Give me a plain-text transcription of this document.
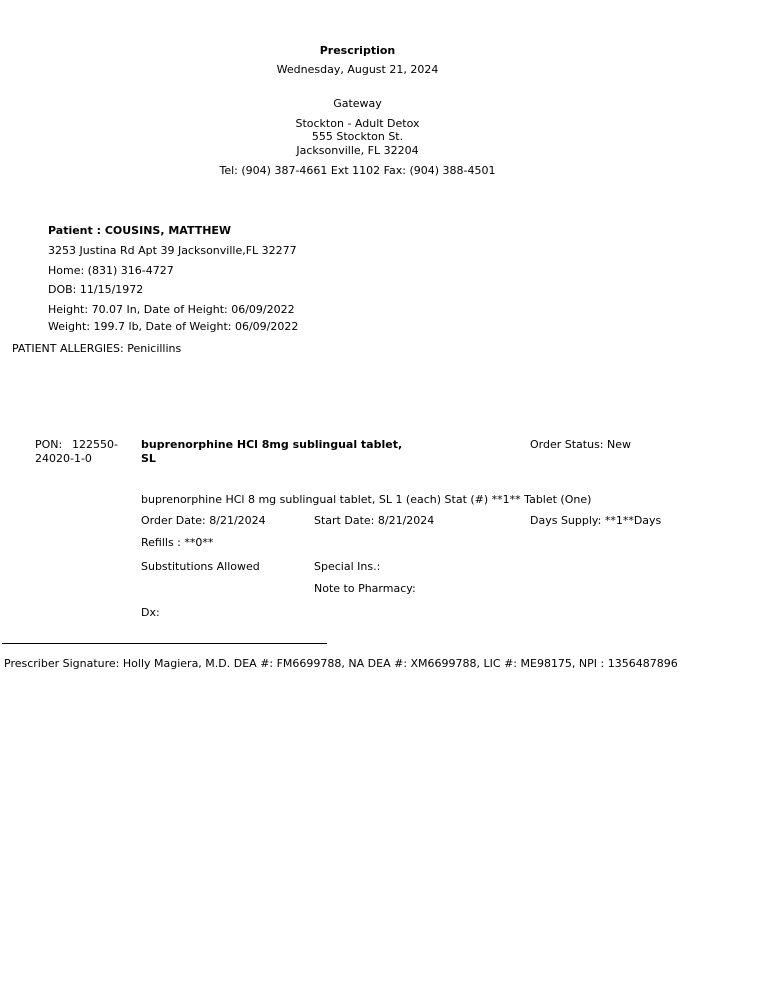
Prescription
Wednesday, August 21, 2024
Gateway
Stockton - Adult Detox
555 Stockton St.
Jacksonville, FL 32204
Tel: (904) 387-4661 Ext 1102 Fax: (904) 388-4501
Patient : COUSINS, MATTHEW
3253 Justina Rd Apt 39 Jacksonville,FL 32277
Home: (831) 316-4727
DOB: 11/15/1972
Height: 70.07 In, Date of Height: 06/09/2022
Weight: 199.7 lb, Date of Weight: 06/09/2022
PATIENT ALLERGIES: Penicillins
PON: 122550-
24020-1-0
buprenorphine HCl 8mg sublingual tablet,
SL
Order Status: New
buprenorphine HCl 8 mg sublingual tablet, SL 1 (each) Stat (#) **1** Tablet (One)
Order Date: 8/21/2024	Start Date: 8/21/2024	Days Supply: **1**Days
Refills : **0**
Substitutions Allowed	Special Ins.:
Note to Pharmacy:
Dx:
Prescriber Signature: Holly Magiera, M.D. DEA #: FM6699788, NA DEA #: XM6699788, LIC #: ME98175, NPI : 1356487896
